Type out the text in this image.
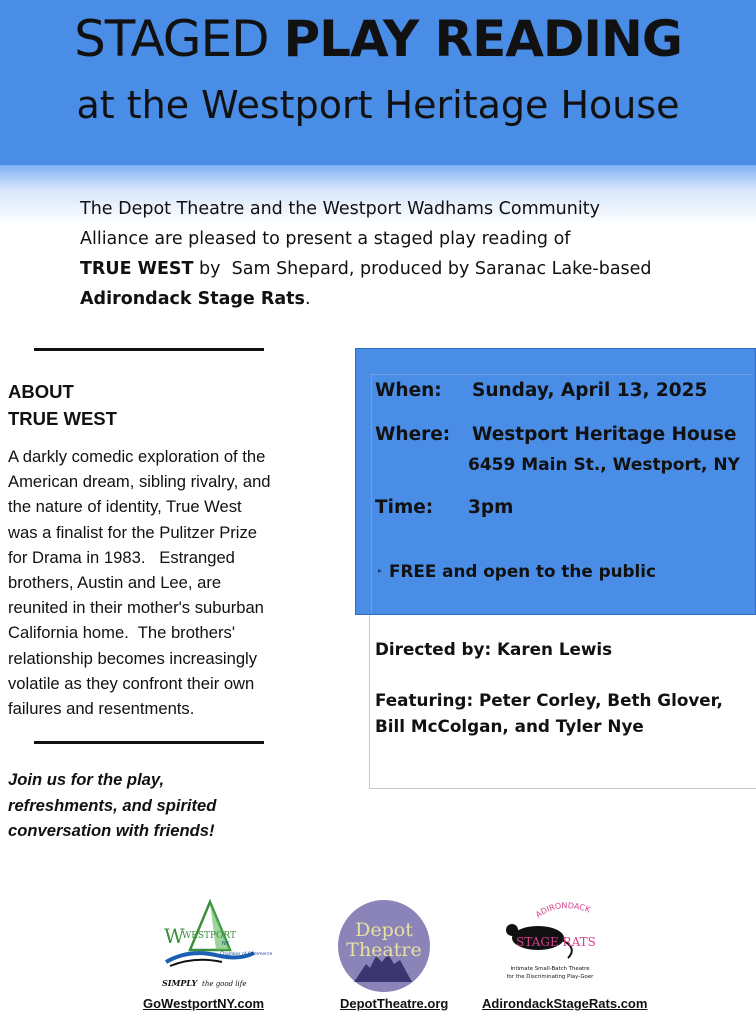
STAGED PLAY READING
at the Westport Heritage House
The Depot Theatre and the Westport Wadhams Community
Alliance are pleased to present a staged play reading of
TRUE WEST by  Sam Shepard, produced by Saranac Lake-based
Adirondack Stage Rats.
ABOUT
TRUE WEST
A darkly comedic exploration of the
American dream, sibling rivalry, and
the nature of identity, True West
was a finalist for the Pulitzer Prize
for Drama in 1983.   Estranged
brothers, Austin and Lee, are
reunited in their mother's suburban
California home.  The brothers'
relationship becomes increasingly
volatile as they confront their own
failures and resentments.
Join us for the play,
refreshments, and spirited
conversation with friends!
When: Sunday, April 13, 2025
Where: Westport Heritage House
6459 Main St., Westport, NY
Time: 3pm
▸ FREE and open to the public
Directed by: Karen Lewis
Featuring: Peter Corley, Beth Glover,
Bill McColgan, and Tyler Nye
W
WESTPORT
NY
Chamber of Commerce
SIMPLY the good life
GoWestportNY.com
Depot
Theatre
DepotTheatre.org
ADIRONDACK
STAGE RATS
Intimate Small-Batch Theatre
for the Discriminating Play-Goer
AdirondackStageRats.com
